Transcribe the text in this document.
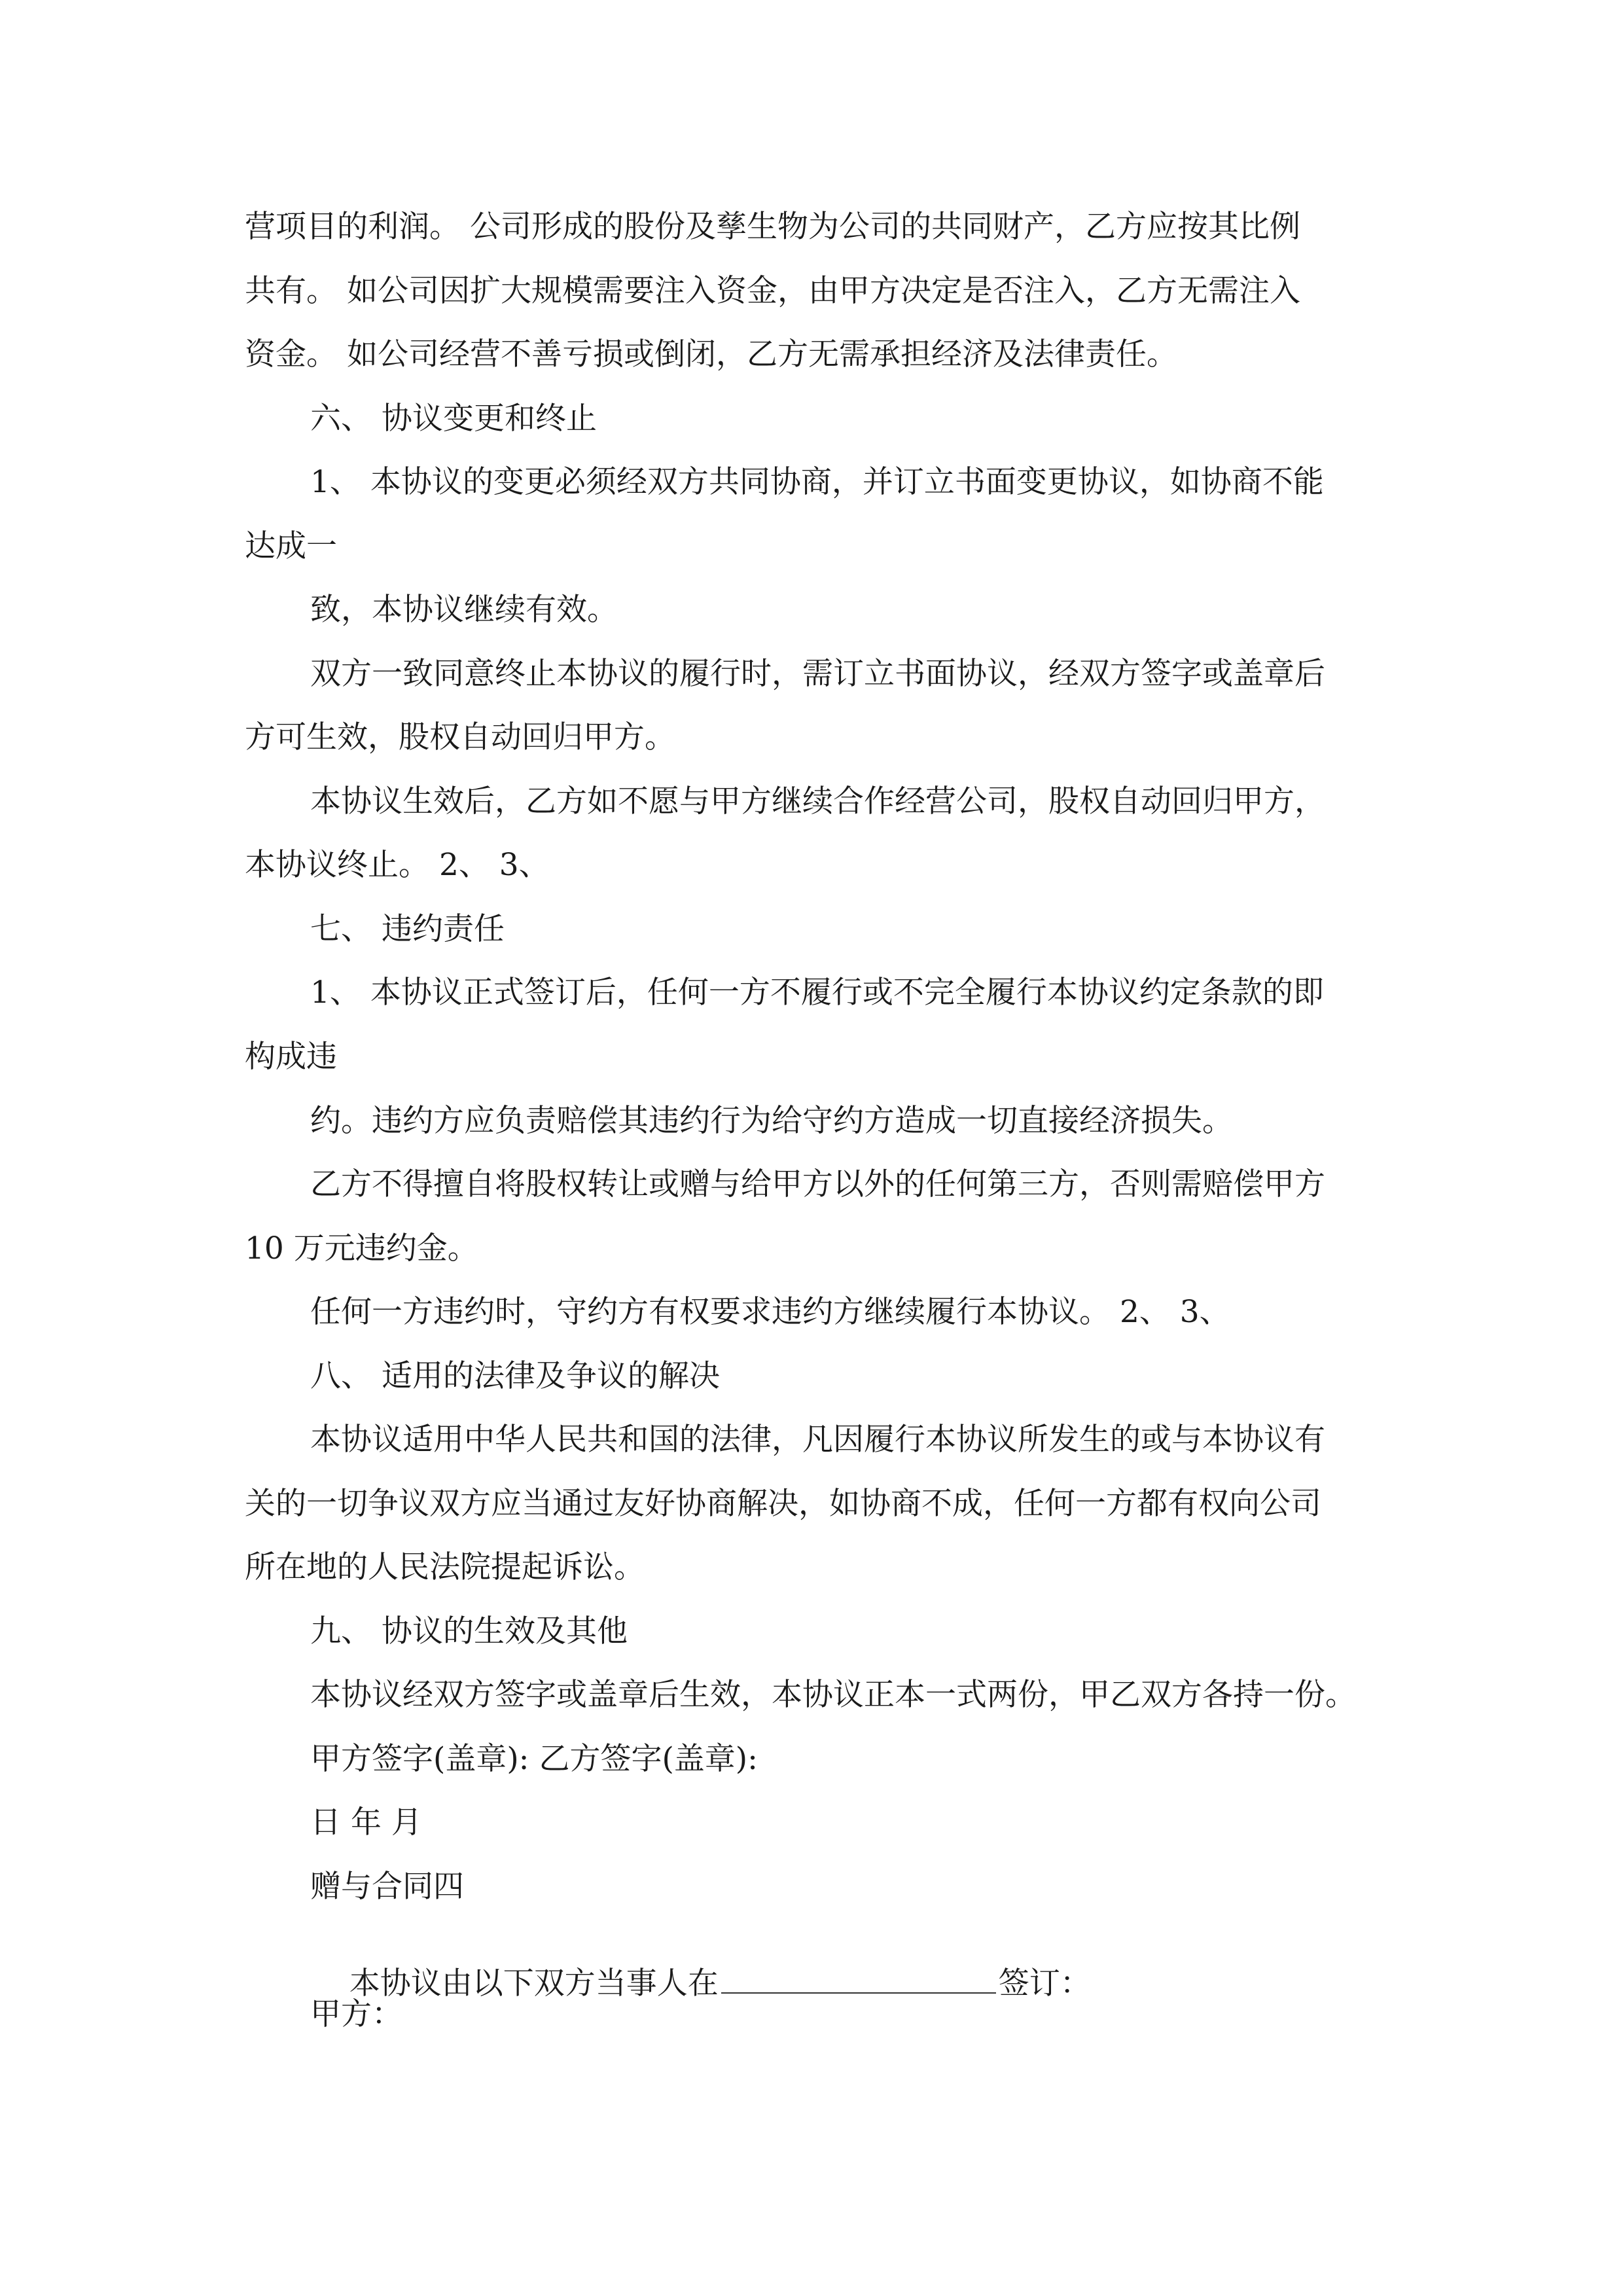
营项目的利润。 公司形成的股份及孳生物为公司的共同财产，乙方应按其比例
共有。 如公司因扩大规模需要注入资金，由甲方决定是否注入，乙方无需注入
资金。 如公司经营不善亏损或倒闭，乙方无需承担经济及法律责任。
六、 协议变更和终止
1、 本协议的变更必须经双方共同协商，并订立书面变更协议，如协商不能
达成一
致，本协议继续有效。
双方一致同意终止本协议的履行时，需订立书面协议，经双方签字或盖章后
方可生效，股权自动回归甲方。
本协议生效后，乙方如不愿与甲方继续合作经营公司，股权自动回归甲方，
本协议终止。 2、 3、
七、 违约责任
1、 本协议正式签订后，任何一方不履行或不完全履行本协议约定条款的即
构成违
约。违约方应负责赔偿其违约行为给守约方造成一切直接经济损失。
乙方不得擅自将股权转让或赠与给甲方以外的任何第三方，否则需赔偿甲方
10 万元违约金。
任何一方违约时，守约方有权要求违约方继续履行本协议。 2、 3、
八、 适用的法律及争议的解决
本协议适用中华人民共和国的法律，凡因履行本协议所发生的或与本协议有
关的一切争议双方应当通过友好协商解决，如协商不成，任何一方都有权向公司
所在地的人民法院提起诉讼。
九、 协议的生效及其他
本协议经双方签字或盖章后生效，本协议正本一式两份，甲乙双方各持一份。
甲方签字(盖章): 乙方签字(盖章):
日 年 月
赠与合同四

本协议由以下双方当事人在	签订：

甲方：
